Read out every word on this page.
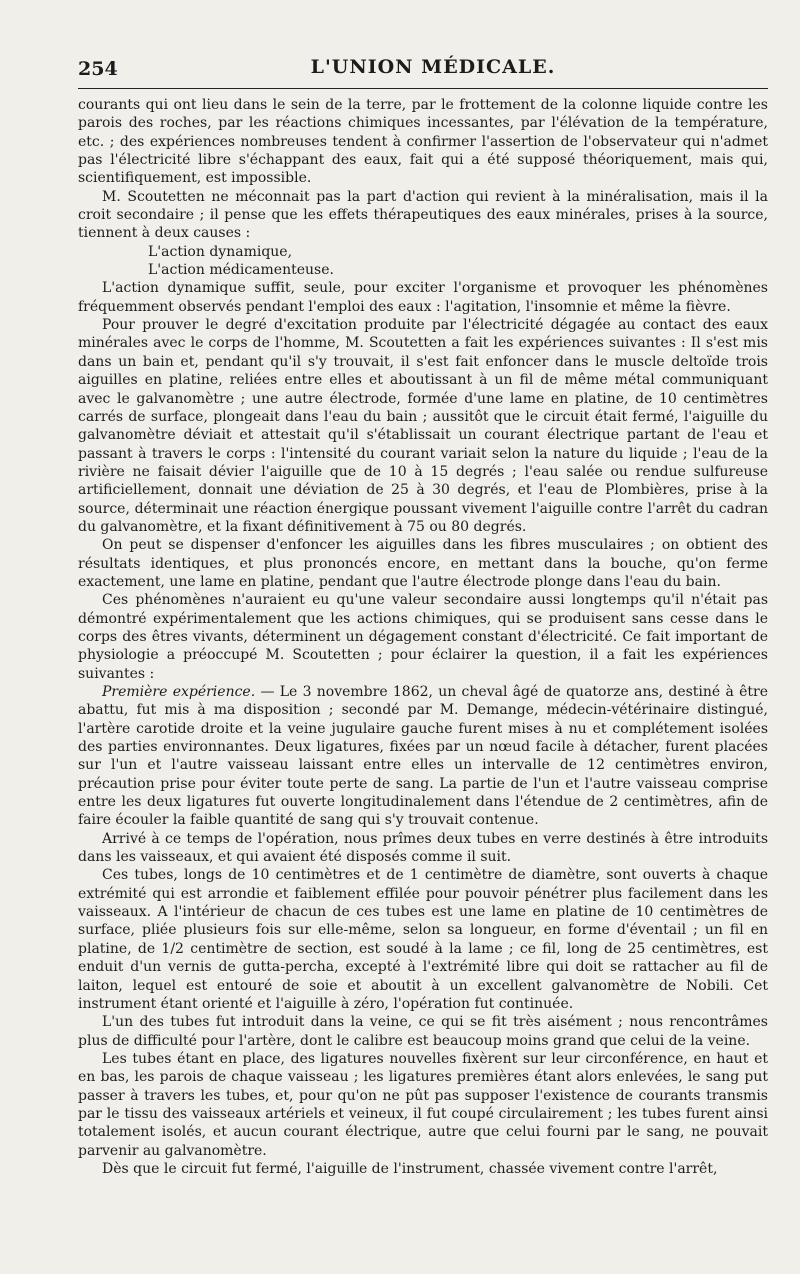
254	L'UNION MÉDICALE.

courants qui ont lieu dans le sein de la terre, par le frottement de la colonne liquide contre les parois des roches, par les réactions chimiques incessantes, par l'élévation de la température, etc. ; des expériences nombreuses tendent à confirmer l'assertion de l'observateur qui n'admet pas l'électricité libre s'échappant des eaux, fait qui a été supposé théoriquement, mais qui, scientifiquement, est impossible.

M. Scoutetten ne méconnait pas la part d'action qui revient à la minéralisation, mais il la croit secondaire ; il pense que les effets thérapeutiques des eaux minérales, prises à la source, tiennent à deux causes :

L'action dynamique,

L'action médicamenteuse.

L'action dynamique suffit, seule, pour exciter l'organisme et provoquer les phénomènes fréquemment observés pendant l'emploi des eaux : l'agitation, l'insomnie et même la fièvre.

Pour prouver le degré d'excitation produite par l'électricité dégagée au contact des eaux minérales avec le corps de l'homme, M. Scoutetten a fait les expériences suivantes : Il s'est mis dans un bain et, pendant qu'il s'y trouvait, il s'est fait enfoncer dans le muscle deltoïde trois aiguilles en platine, reliées entre elles et aboutissant à un fil de même métal communiquant avec le galvanomètre ; une autre électrode, formée d'une lame en platine, de 10 centimètres carrés de surface, plongeait dans l'eau du bain ; aussitôt que le circuit était fermé, l'aiguille du galvanomètre déviait et attestait qu'il s'établissait un courant électrique partant de l'eau et passant à travers le corps : l'intensité du courant variait selon la nature du liquide ; l'eau de la rivière ne faisait dévier l'aiguille que de 10 à 15 degrés ; l'eau salée ou rendue sulfureuse artificiellement, donnait une déviation de 25 à 30 degrés, et l'eau de Plombières, prise à la source, déterminait une réaction énergique poussant vivement l'aiguille contre l'arrêt du cadran du galvanomètre, et la fixant définitivement à 75 ou 80 degrés.

On peut se dispenser d'enfoncer les aiguilles dans les fibres musculaires ; on obtient des résultats identiques, et plus prononcés encore, en mettant dans la bouche, qu'on ferme exactement, une lame en platine, pendant que l'autre électrode plonge dans l'eau du bain.

Ces phénomènes n'auraient eu qu'une valeur secondaire aussi longtemps qu'il n'était pas démontré expérimentalement que les actions chimiques, qui se produisent sans cesse dans le corps des êtres vivants, déterminent un dégagement constant d'électricité. Ce fait important de physiologie a préoccupé M. Scoutetten ; pour éclairer la question, il a fait les expériences suivantes :

Première expérience. — Le 3 novembre 1862, un cheval âgé de quatorze ans, destiné à être abattu, fut mis à ma disposition ; secondé par M. Demange, médecin-vétérinaire distingué, l'artère carotide droite et la veine jugulaire gauche furent mises à nu et complétement isolées des parties environnantes. Deux ligatures, fixées par un nœud facile à détacher, furent placées sur l'un et l'autre vaisseau laissant entre elles un intervalle de 12 centimètres environ, précaution prise pour éviter toute perte de sang. La partie de l'un et l'autre vaisseau comprise entre les deux ligatures fut ouverte longitudinalement dans l'étendue de 2 centimètres, afin de faire écouler la faible quantité de sang qui s'y trouvait contenue.

Arrivé à ce temps de l'opération, nous prîmes deux tubes en verre destinés à être introduits dans les vaisseaux, et qui avaient été disposés comme il suit.

Ces tubes, longs de 10 centimètres et de 1 centimètre de diamètre, sont ouverts à chaque extrémité qui est arrondie et faiblement effilée pour pouvoir pénétrer plus facilement dans les vaisseaux. A l'intérieur de chacun de ces tubes est une lame en platine de 10 centimètres de surface, pliée plusieurs fois sur elle-même, selon sa longueur, en forme d'éventail ; un fil en platine, de 1/2 centimètre de section, est soudé à la lame ; ce fil, long de 25 centimètres, est enduit d'un vernis de gutta-percha, excepté à l'extrémité libre qui doit se rattacher au fil de laiton, lequel est entouré de soie et aboutit à un excellent galvanomètre de Nobili. Cet instrument étant orienté et l'aiguille à zéro, l'opération fut continuée.

L'un des tubes fut introduit dans la veine, ce qui se fit très aisément ; nous rencontrâmes plus de difficulté pour l'artère, dont le calibre est beaucoup moins grand que celui de la veine.

Les tubes étant en place, des ligatures nouvelles fixèrent sur leur circonférence, en haut et en bas, les parois de chaque vaisseau ; les ligatures premières étant alors enlevées, le sang put passer à travers les tubes, et, pour qu'on ne pût pas supposer l'existence de courants transmis par le tissu des vaisseaux artériels et veineux, il fut coupé circulairement ; les tubes furent ainsi totalement isolés, et aucun courant électrique, autre que celui fourni par le sang, ne pouvait parvenir au galvanomètre.

Dès que le circuit fut fermé, l'aiguille de l'instrument, chassée vivement contre l'arrêt,
